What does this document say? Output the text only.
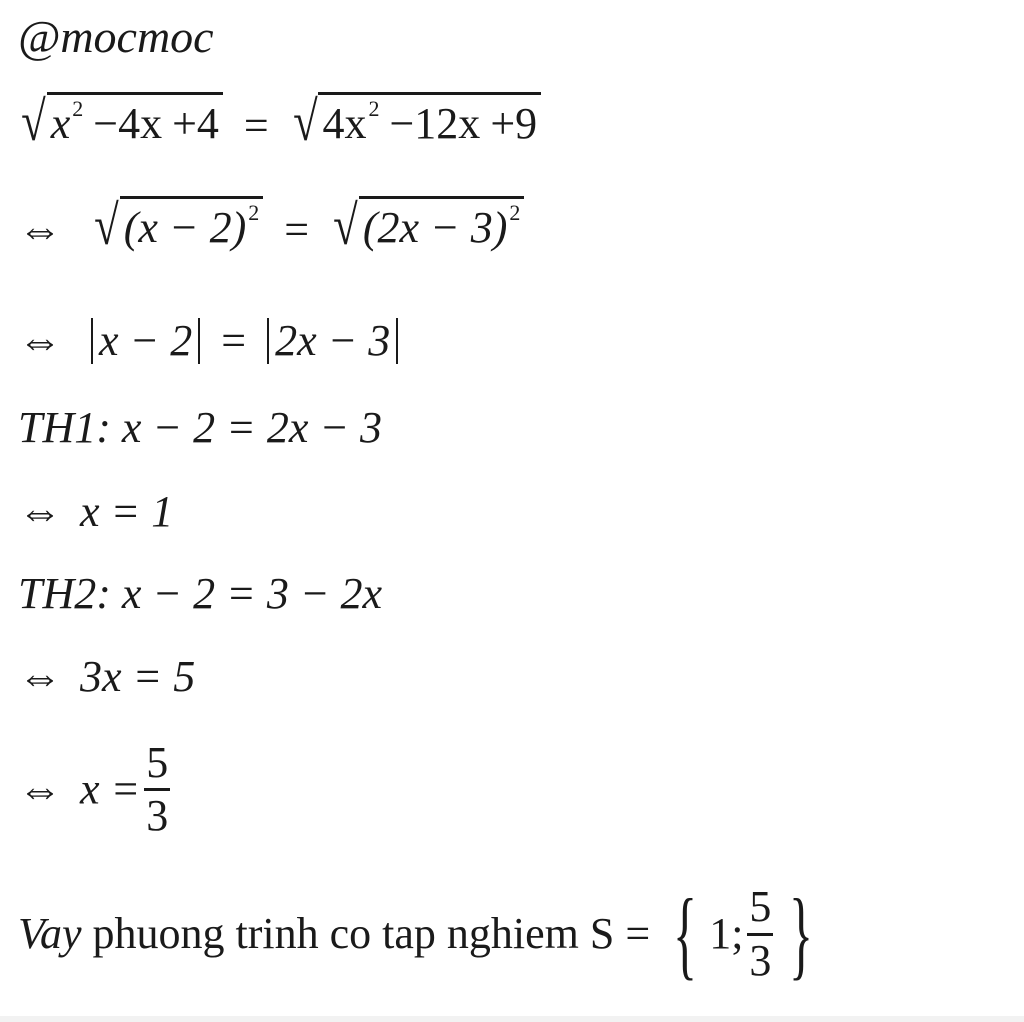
@mocmoc
√ $x^2 -4x +4$ = √ $4x^2 -12x +9$
⇔ √ $(x - 2)^2$ = √ $(2x - 3)^2$
⇔ x − 2 = 2x − 3
TH1: x − 2 = 2x − 3
⇔ x = 1
TH2: x − 2 = 3 − 2x
⇔ 3x = 5
⇔ $x = \frac{5}{3}$
Vay phuong trinh co tap nghiem S = { 1; $\frac{5}{3}$ }
